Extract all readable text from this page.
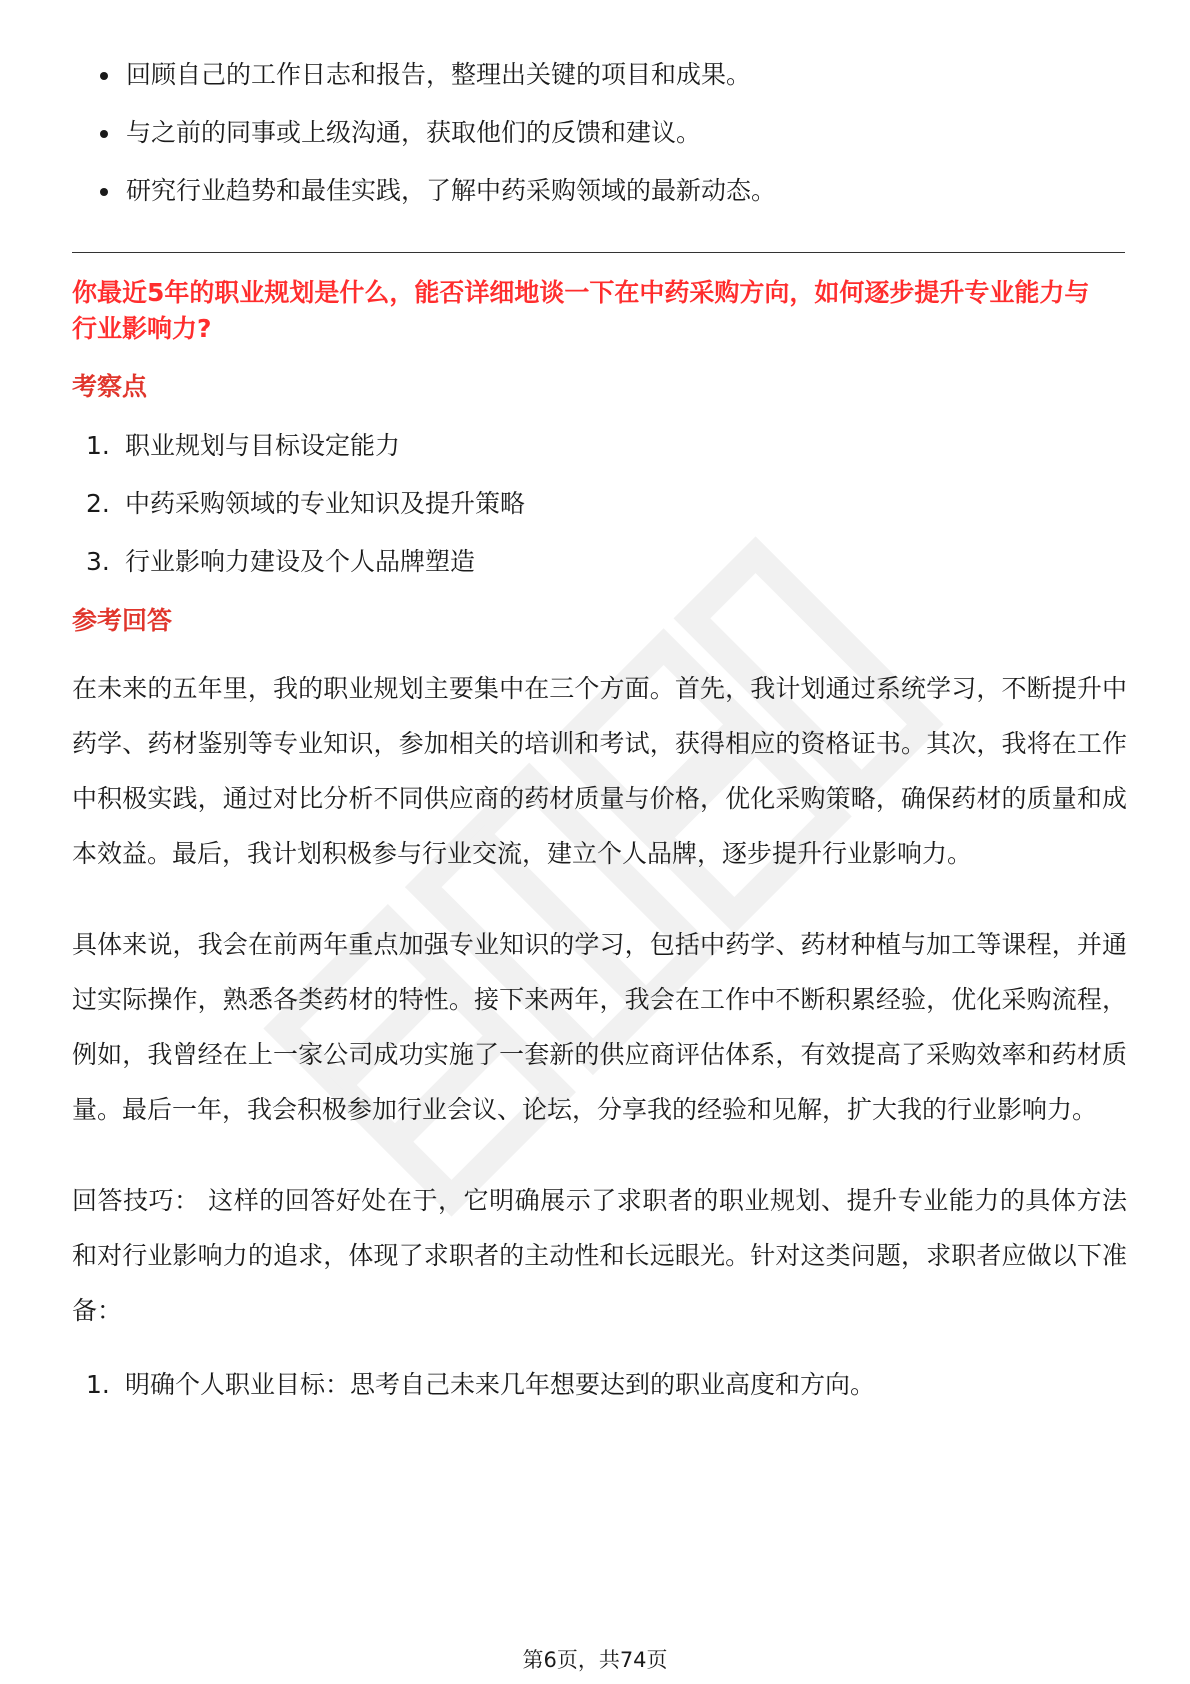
回顾自己的工作日志和报告，整理出关键的项目和成果。
与之前的同事或上级沟通，获取他们的反馈和建议。
研究行业趋势和最佳实践，了解中药采购领域的最新动态。
你最近5年的职业规划是什么，能否详细地谈一下在中药采购方向，如何逐步提升专业能力与行业影响力?
考察点
1. 职业规划与目标设定能力
2. 中药采购领域的专业知识及提升策略
3. 行业影响力建设及个人品牌塑造
参考回答
在未来的五年里，我的职业规划主要集中在三个方面。首先，我计划通过系统学习，不断提升中药学、药材鉴别等专业知识，参加相关的培训和考试，获得相应的资格证书。其次，我将在工作中积极实践，通过对比分析不同供应商的药材质量与价格，优化采购策略，确保药材的质量和成本效益。最后，我计划积极参与行业交流，建立个人品牌，逐步提升行业影响力。
具体来说，我会在前两年重点加强专业知识的学习，包括中药学、药材种植与加工等课程，并通过实际操作，熟悉各类药材的特性。接下来两年，我会在工作中不断积累经验，优化采购流程，例如，我曾经在上一家公司成功实施了一套新的供应商评估体系，有效提高了采购效率和药材质量。最后一年，我会积极参加行业会议、论坛，分享我的经验和见解，扩大我的行业影响力。
回答技巧： 这样的回答好处在于，它明确展示了求职者的职业规划、提升专业能力的具体方法和对行业影响力的追求，体现了求职者的主动性和长远眼光。针对这类问题，求职者应做以下准备：
1. 明确个人职业目标：思考自己未来几年想要达到的职业高度和方向。
第6页，共74页
